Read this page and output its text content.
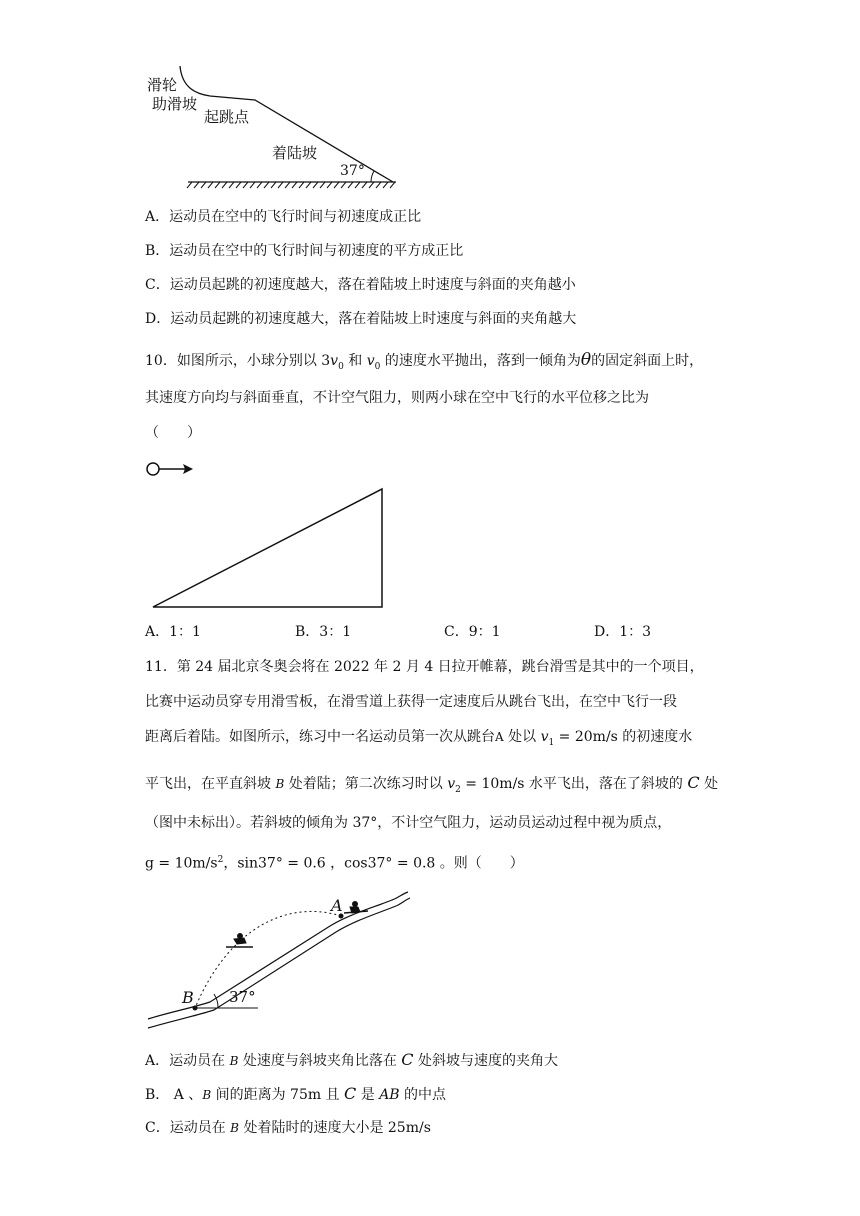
滑轮
助滑坡
起跳点
着陆坡
37°
A．运动员在空中的飞行时间与初速度成正比
B．运动员在空中的飞行时间与初速度的平方成正比
C．运动员起跳的初速度越大，落在着陆坡上时速度与斜面的夹角越小
D．运动员起跳的初速度越大，落在着陆坡上时速度与斜面的夹角越大
10．如图所示，小球分别以 $3v_0$ 和 $v_0$ 的速度水平抛出，落到一倾角为θ的固定斜面上时，
其速度方向均与斜面垂直，不计空气阻力，则两小球在空中飞行的水平位移之比为
（　　）
A．1：1	B．3：1	C．9：1	D．1：3
11．第 24 届北京冬奥会将在 2022 年 2 月 4 日拉开帷幕，跳台滑雪是其中的一个项目，
比赛中运动员穿专用滑雪板，在滑雪道上获得一定速度后从跳台飞出，在空中飞行一段
距离后着陆。如图所示，练习中一名运动员第一次从跳台A 处以 $v_1 = 20m/s$ 的初速度水
平飞出，在平直斜坡 B 处着陆；第二次练习时以 $v_2 = 10m/s$ 水平飞出，落在了斜坡的 C 处
（图中未标出）。若斜坡的倾角为 37°，不计空气阻力，运动员运动过程中视为质点，
$g = 10m/s^2$，sin37° = 0.6 ，cos37° = 0.8 。则（　　）
A
B 37°
A．运动员在 B 处速度与斜坡夹角比落在 C 处斜坡与速度的夹角大
B． A 、B 间的距离为 75m 且 C 是 AB 的中点
C．运动员在 B 处着陆时的速度大小是 25m/s
